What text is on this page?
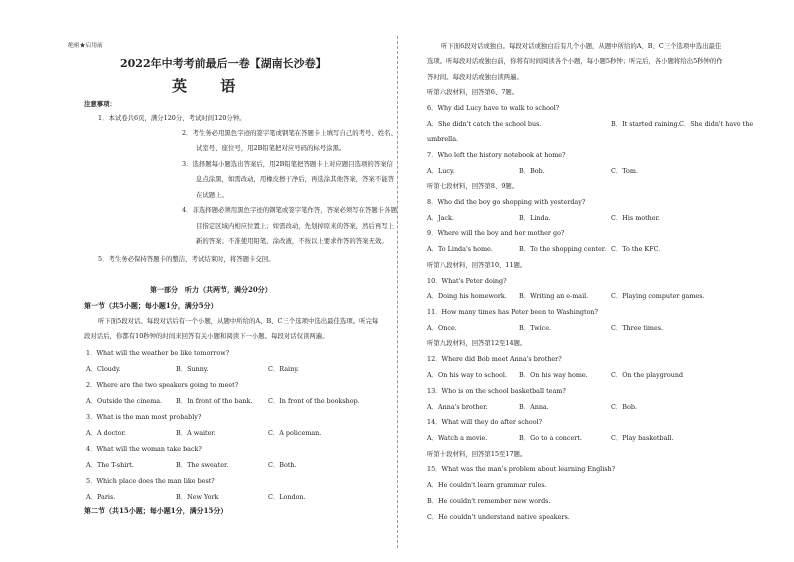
绝密★启用前
2022年中考考前最后一卷【湖南长沙卷】
英 语
注意事项：
1．本试卷共6页，满分120分，考试时间120分钟。
2．考生务必用黑色字迹的签字笔或钢笔在答题卡上填写自己的考号、姓名、
试室号、座位号，用2B铅笔把对应号码的标号涂黑。
3．选择题每小题选出答案后，用2B铅笔把答题卡上对应题目选项的答案信
息点涂黑，如需改动，用橡皮擦干净后，再选涂其他答案，答案不能答
在试题上。
4．非选择题必须用黑色字迹的钢笔或签字笔作答，答案必须写在答题卡各题
目指定区域内相应位置上；如需改动，先划掉原来的答案，然后再写上
新的答案；不准使用铅笔、涂改液，不按以上要求作答的答案无效。
5．考生务必保持答题卡的整洁，考试结束时，将答题卡交回。
第一部分　听力（共两节，满分20分）
第一节（共5小题；每小题1分，满分5分）
听下面5段对话。每段对话后有一个小题，从题中所给的A、B、C三个选项中选出最佳选项。听完每
段对话后，你都有10秒钟的时间来回答有关小题和阅读下一小题。每段对话仅读两遍。
1．What will the weather be like tomorrow?
A．Cloudy.	B．Sunny.	C．Rainy.
2．Where are the two speakers going to meet?
A．Outside the cinema. B．In front of the bank. C．In front of the bookshop.
3．What is the man most probably?
A．A doctor.	B．A waiter.	C．A policeman.
4．What will the woman take back?
A．The T-shirt.	B．The sweater.	C．Both.
5．Which place does the man like best?
A．Paris.	B．New York	C．London.
第二节（共15小题；每小题1分，满分15分）
听下面6段对话或独白。每段对话或独白后有几个小题，从题中所给的A、B、C三个选项中选出最佳
选项。听每段对话或独白前，你将有时间阅读各个小题，每小题5秒钟；听完后，各小题将给出5秒钟的作
答时间。每段对话或独白读两遍。
听第六段材料，回答第6、7题。
6．Why did Lucy have to walk to school?
A．She didn't catch the school bus.	B．It started raining. C．She didn't have the
umbrella.
7．Who left the history notebook at home?
A．Lucy.	B．Bob.	C．Tom.
听第七段材料，回答第8、9题。
8．Who did the boy go shopping with yesterday?
A．Jack.	B．Linda.	C．His mother.
9．Where will the boy and her mother go?
A．To Linda's home.	B．To the shopping center. C．To the KFC．
听第八段材料，回答第10、11题。
10．What's Peter doing?
A．Doing his homework. B．Writing an e-mail.	C．Playing computer games.
11．How many times has Peter been to Washington?
A．Once.	B．Twice.	C．Three times.
听第九段材料，回答第12至14题。
12．Where did Bob meet Anna's brother?
A．On his way to school. B．On his way home.	C．On the playground
13．Who is on the school basketball team?
A．Anna's brother.	B．Anna.	C．Bob.
14．What will they do after school?
A．Watch a movie.	B．Go to a concert.	C．Play basketball.
听第十段材料，回答第15至17题。
15．What was the man's problem about learning English?
A．He couldn't learn grammar rules.
B．He couldn't remember new words.
C．He couldn't understand native speakers.
